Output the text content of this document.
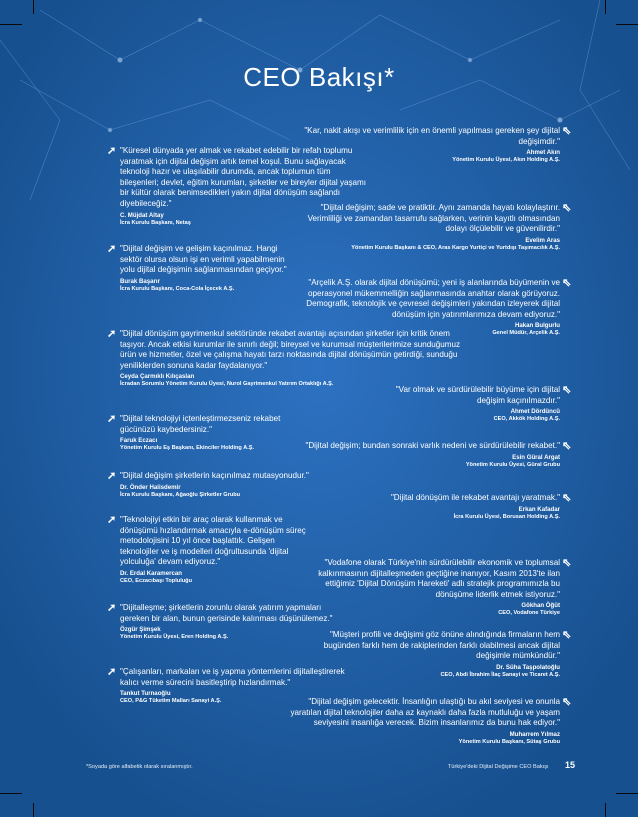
CEO Bakışı*
"Kar, nakit akışı ve verimlilik için en önemli yapılması gereken şey dijital değişimdir."
Ahmet Akın
Yönetim Kurulu Üyesi, Akın Holding A.Ş.
⇖
➚ "Küresel dünyada yer almak ve rekabet edebilir bir refah toplumu yaratmak için dijital değişim artık temel koşul. Bunu sağlayacak teknoloji hazır ve ulaşılabilir durumda, ancak toplumun tüm bileşenleri; devlet, eğitim kurumları, şirketler ve bireyler dijital yaşamı bir kültür olarak benimsedikleri yakın dijital dönüşüm sağlandı diyebileceğiz."
C. Müjdat Altay
İcra Kurulu Başkanı, Netaş
"Dijital değişim; sade ve pratiktir. Aynı zamanda hayatı kolaylaştırır. Verimliliği ve zamandan tasarrufu sağlarken, verinin kayıtlı olmasından dolayı ölçülebilir ve güvenilirdir."
Evelim Aras
Yönetim Kurulu Başkanı & CEO, Aras Kargo Yurtiçi ve Yurtdışı Taşımacılık A.Ş.
⇖
➚ "Dijital değişim ve gelişim kaçınılmaz. Hangi sektör olursa olsun işi en verimli yapabilmenin yolu dijital değişimin sağlanmasından geçiyor."
Burak Başarır
İcra Kurulu Başkanı, Coca-Cola İçecek A.Ş.
"Arçelik A.Ş. olarak dijital dönüşümü; yeni iş alanlarında büyümenin ve operasyonel mükemmelliğin sağlanmasında anahtar olarak görüyoruz. Demografik, teknolojik ve çevresel değişimleri yakından izleyerek dijital dönüşüm için yatırımlarımıza devam ediyoruz."
Hakan Bulgurlu
Genel Müdür, Arçelik A.Ş.
⇖
➚ "Dijital dönüşüm gayrimenkul sektöründe rekabet avantajı açısından şirketler için kritik önem taşıyor. Ancak etkisi kurumlar ile sınırlı değil; bireysel ve kurumsal müşterilerimize sunduğumuz ürün ve hizmetler, özel ve çalışma hayatı tarzı noktasında dijital dönüşümün getirdiği, sunduğu yeniliklerden sonuna kadar faydalanıyor."
Ceyda Çarmıklı Kılıçaslan
İcradan Sorumlu Yönetim Kurulu Üyesi, Nurol Gayrimenkul Yatırım Ortaklığı A.Ş.
"Var olmak ve sürdürülebilir büyüme için dijital değişim kaçınılmazdır."
Ahmet Dördüncü
CEO, Akkök Holding A.Ş.
⇖
➚ "Dijital teknolojiyi içtenleştirmezseniz rekabet gücünüzü kaybedersiniz."
Faruk Eczacı
Yönetim Kurulu Eş Başkanı, Ekinciler Holding A.Ş.	"Dijital değişim; bundan sonraki varlık nedeni ve sürdürülebilir rekabet."
Esin Güral Argat
Yönetim Kurulu Üyesi, Güral Grubu
⇖
➚ "Dijital değişim şirketlerin kaçınılmaz mutasyonudur."
Dr. Önder Halisdemir
İcra Kurulu Başkanı, Ağaoğlu Şirketler Grubu	"Dijital dönüşüm ile rekabet avantajı yaratmak."
Erkan Kafadar
İcra Kurulu Üyesi, Borusan Holding A.Ş.
⇖
➚ "Teknolojiyi etkin bir araç olarak kullanmak ve dönüşümü hızlandırmak amacıyla e-dönüşüm süreç metodolojisini 10 yıl önce başlattık. Gelişen teknolojiler ve iş modelleri doğrultusunda 'dijital yolculuğa' devam ediyoruz."
Dr. Erdal Karamercan
CEO, Eczacıbaşı Topluluğu
"Vodafone olarak Türkiye'nin sürdürülebilir ekonomik ve toplumsal kalkınmasının dijitalleşmeden geçtiğine inanıyor, Kasım 2013'te ilan ettiğimiz 'Dijital Dönüşüm Hareketi' adlı stratejik programımızla bu dönüşüme liderlik etmek istiyoruz."
Gökhan Öğüt
CEO, Vodafone Türkiye
⇖
➚ "Dijitalleşme; şirketlerin zorunlu olarak yatırım yapmaları gereken bir alan, bunun gerisinde kalınması düşünülemez."
Özgür Şimşek
Yönetim Kurulu Üyesi, Eren Holding A.Ş.	"Müşteri profili ve değişimi göz önüne alındığında firmaların hem bugünden farklı hem de rakiplerinden farklı olabilmesi ancak dijital değişimle mümkündür."
Dr. Süha Taşpolatoğlu
CEO, Abdi İbrahim İlaç Sanayi ve Ticaret A.Ş.
⇖
➚ "Çalışanları, markaları ve iş yapma yöntemlerini dijitalleştirerek kalıcı verme sürecini basitleştirip hızlandırmak."
Tankut Turnaoğlu
CEO, P&G Tüketim Malları Sanayi A.Ş.	"Dijital değişim gelecektir. İnsanlığın ulaştığı bu akıl seviyesi ve onunla yaratılan dijital teknolojiler daha az kaynaklı daha fazla mutluluğu ve yaşam seviyesini insanlığa verecek. Bizim insanlarımız da bunu hak ediyor."
Muharrem Yılmaz
Yönetim Kurulu Başkanı, Sütaş Grubu
⇖
*Soyada göre alfabetik olarak sıralanmıştır.	Türkiye'deki Dijital Değişime CEO Bakışı 15
